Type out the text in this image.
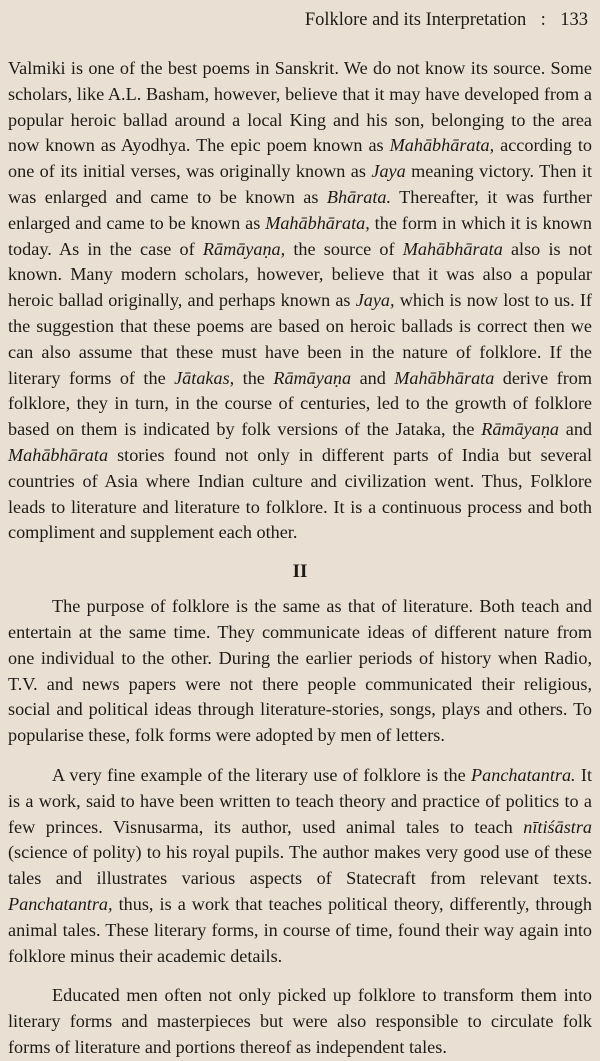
Folklore and its Interpretation : 133

Valmiki is one of the best poems in Sanskrit. We do not know its source. Some scholars, like A.L. Basham, however, believe that it may have developed from a popular heroic ballad around a local King and his son, belonging to the area now known as Ayodhya. The epic poem known as Mahābhārata, according to one of its initial verses, was originally known as Jaya meaning victory. Then it was enlarged and came to be known as Bhārata. Thereafter, it was further enlarged and came to be known as Mahābhārata, the form in which it is known today. As in the case of Rāmāyaṇa, the source of Mahābhārata also is not known. Many modern scholars, however, believe that it was also a popular heroic ballad originally, and perhaps known as Jaya, which is now lost to us. If the suggestion that these poems are based on heroic ballads is correct then we can also assume that these must have been in the nature of folklore. If the literary forms of the Jātakas, the Rāmāyaṇa and Mahābhārata derive from folklore, they in turn, in the course of centuries, led to the growth of folklore based on them is indicated by folk versions of the Jataka, the Rāmāyaṇa and Mahābhārata stories found not only in different parts of India but several countries of Asia where Indian culture and civilization went. Thus, Folklore leads to literature and literature to folklore. It is a continuous process and both compliment and supplement each other.

II

The purpose of folklore is the same as that of literature. Both teach and entertain at the same time. They communicate ideas of different nature from one individual to the other. During the earlier periods of history when Radio, T.V. and news papers were not there people communicated their religious, social and political ideas through literature-stories, songs, plays and others. To popularise these, folk forms were adopted by men of letters.

A very fine example of the literary use of folklore is the Panchatantra. It is a work, said to have been written to teach theory and practice of politics to a few princes. Visnusarma, its author, used animal tales to teach nītiśāstra (science of polity) to his royal pupils. The author makes very good use of these tales and illustrates various aspects of Statecraft from relevant texts. Panchatantra, thus, is a work that teaches political theory, differently, through animal tales. These literary forms, in course of time, found their way again into folklore minus their academic details.

Educated men often not only picked up folklore to transform them into literary forms and masterpieces but were also responsible to circulate folk forms of literature and portions thereof as independent tales.
